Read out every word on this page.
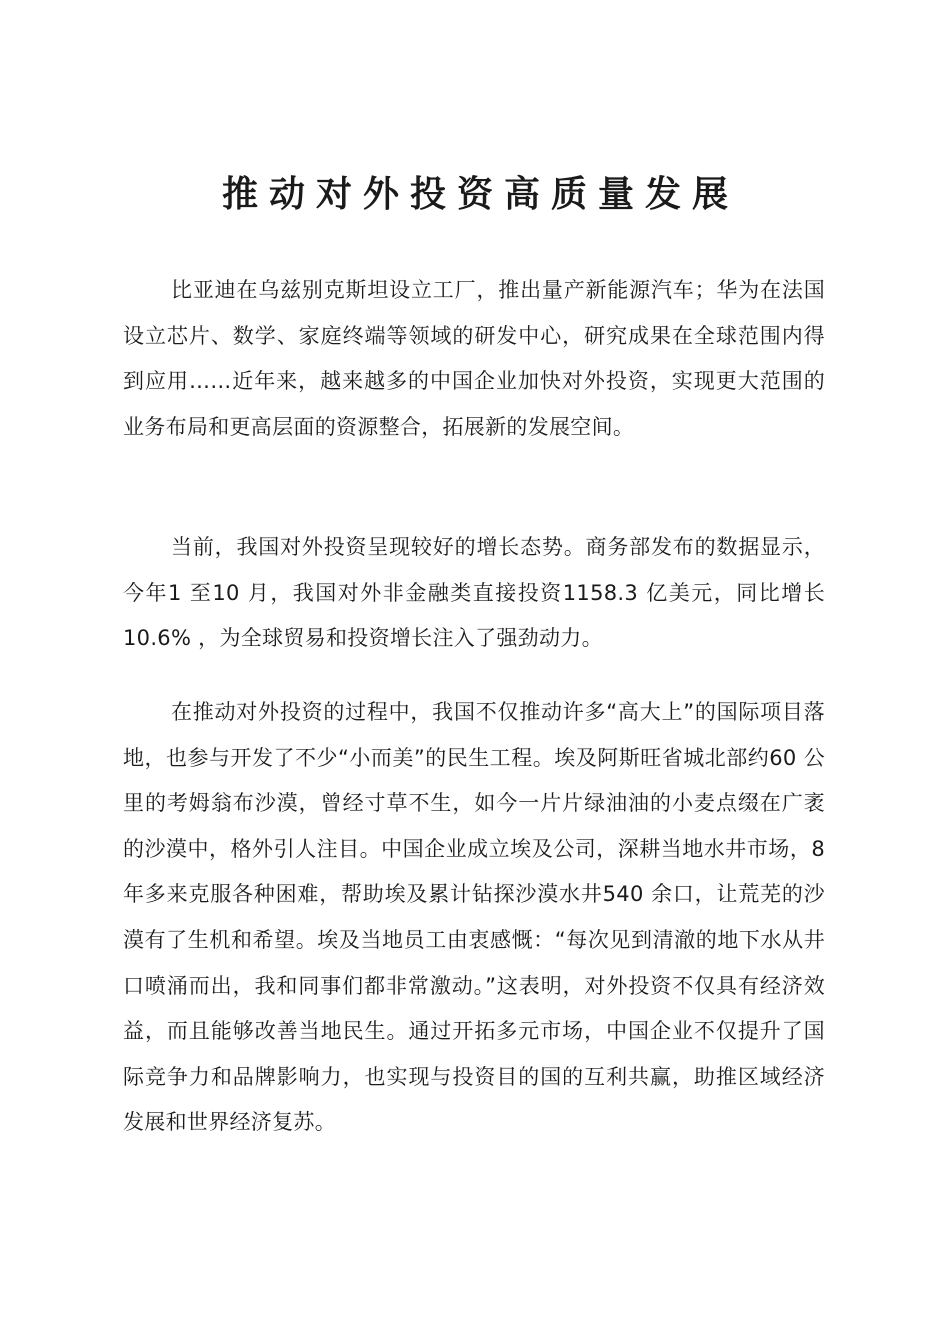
推动对外投资高质量发展

比亚迪在乌兹别克斯坦设立工厂，推出量产新能源汽车；华为在法国设立芯片、数学、家庭终端等领域的研发中心，研究成果在全球范围内得到应用……近年来，越来越多的中国企业加快对外投资，实现更大范围的业务布局和更高层面的资源整合，拓展新的发展空间。

当前，我国对外投资呈现较好的增长态势。商务部发布的数据显示，今年1 至10 月，我国对外非金融类直接投资1158.3 亿美元，同比增长10.6% ，为全球贸易和投资增长注入了强劲动力。

在推动对外投资的过程中，我国不仅推动许多“高大上”的国际项目落地，也参与开发了不少“小而美”的民生工程。埃及阿斯旺省城北部约60 公里的考姆翁布沙漠，曾经寸草不生，如今一片片绿油油的小麦点缀在广袤的沙漠中，格外引人注目。中国企业成立埃及公司，深耕当地水井市场，8 年多来克服各种困难，帮助埃及累计钻探沙漠水井540 余口，让荒芜的沙漠有了生机和希望。埃及当地员工由衷感慨：“每次见到清澈的地下水从井口喷涌而出，我和同事们都非常激动。”这表明，对外投资不仅具有经济效益，而且能够改善当地民生。通过开拓多元市场，中国企业不仅提升了国际竞争力和品牌影响力，也实现与投资目的国的互利共赢，助推区域经济发展和世界经济复苏。
